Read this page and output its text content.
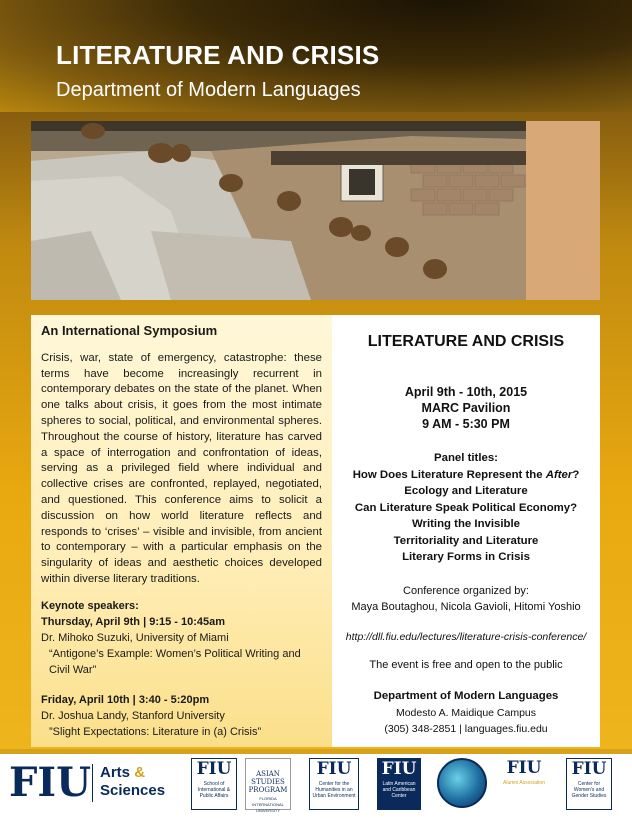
LITERATURE AND CRISIS
Department of Modern Languages
An International Symposium
Crisis, war, state of emergency, catastrophe: these terms have become increasingly recurrent in contemporary debates on the state of the planet. When one talks about crisis, it goes from the most intimate spheres to social, political, and environmental spheres. Throughout the course of history, literature has carved a space of interrogation and confrontation of ideas, serving as a privileged field where individual and collective crises are confronted, replayed, negotiated, and questioned. This conference aims to solicit a discussion on how world literature reflects and responds to ‘crises’ – visible and invisible, from ancient to contemporary – with a particular emphasis on the singularity of ideas and aesthetic choices developed within diverse literary traditions.
Keynote speakers:
Thursday, April 9th | 9:15 - 10:45am
Dr. Mihoko Suzuki, University of Miami
“Antigone’s Example: Women’s Political Writing and Civil War”
Friday, April 10th | 3:40 - 5:20pm
Dr. Joshua Landy, Stanford University
”Slight Expectations: Literature in (a) Crisis”
LITERATURE AND CRISIS
April 9th - 10th, 2015
MARC Pavilion
9 AM - 5:30 PM
Panel titles:
How Does Literature Represent the After?
Ecology and Literature
Can Literature Speak Political Economy?
Writing the Invisible
Territoriality and Literature
Literary Forms in Crisis
Conference organized by:
Maya Boutaghou, Nicola Gavioli, Hitomi Yoshio
http://dll.fiu.edu/lectures/literature-crisis-conference/
The event is free and open to the public
Department of Modern Languages
Modesto A. Maidique Campus
(305) 348-2851 | languages.fiu.edu
FIU Arts &
Sciences
FIU
School of International & Public Affairs
ASIAN STUDIES PROGRAM
FLORIDA INTERNATIONAL UNIVERSITY
FIU
Center for the Humanities in an Urban Environment
FIU
Latin American and Caribbean Center
FIU
Alumni Association
FIU
Center for Women's and Gender Studies
